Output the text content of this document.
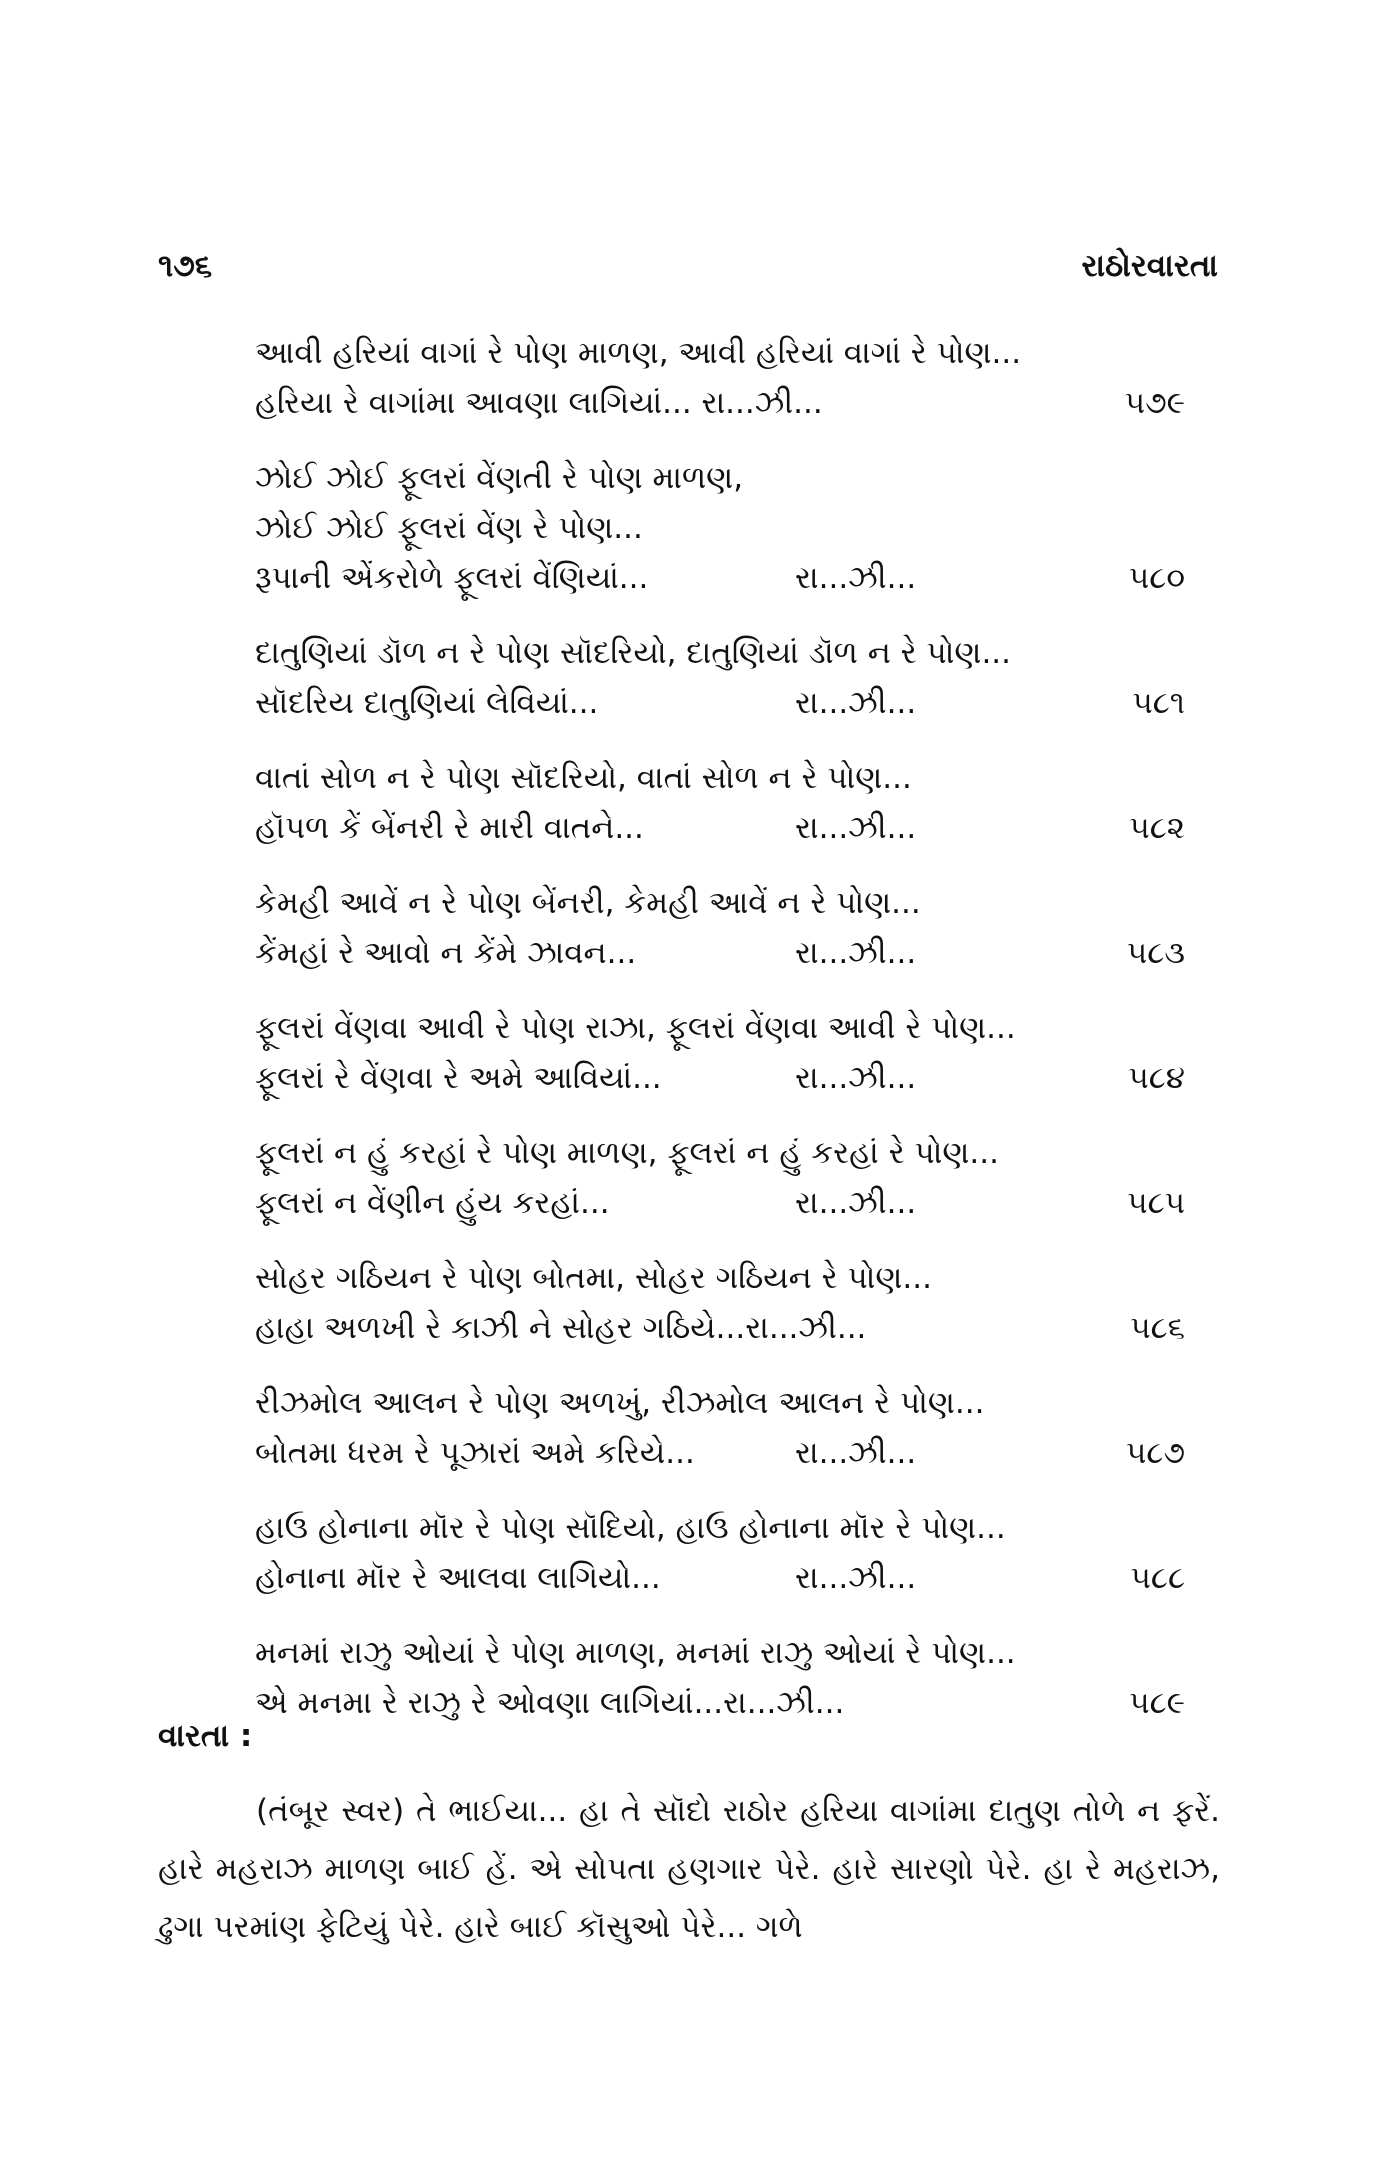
૧૭૬	રાઠોરવારતા
આવી હરિયાં વાગાં રે પોણ માળણ, આવી હરિયાં વાગાં રે પોણ...
હરિયા રે વાગાંમા આવણા લાગિયાં... રા...ઝી...	૫૭૯
ઝોઈ ઝોઈ ફૂલરાં વેંણતી રે પોણ માળણ,
ઝોઈ ઝોઈ ફૂલરાં વેંણ રે પોણ...
રૂપાની એંકરોળે ફૂલરાં વેંણિયાં...	રા...ઝી...	૫૮૦
દાતુણિયાં ડૉળ ન રે પોણ સૉદરિયો, દાતુણિયાં ડૉળ ન રે પોણ...
સૉદરિય દાતુણિયાં લેવિયાં...	રા...ઝી...	૫૮૧
વાતાં સોળ ન રે પોણ સૉદરિયો, વાતાં સોળ ન રે પોણ...
હૉપળ કેં બેંનરી રે મારી વાતને...	રા...ઝી...	૫૮૨
કેમહી આવેં ન રે પોણ બેંનરી, કેમહી આવેં ન રે પોણ...
કેંમહાં રે આવો ન કેંમે ઝાવન...	રા...ઝી...	૫૮૩
ફૂલરાં વેંણવા આવી રે પોણ રાઝા, ફૂલરાં વેંણવા આવી રે પોણ...
ફૂલરાં રે વેંણવા રે અમે આવિયાં...	રા...ઝી...	૫૮૪
ફૂલરાં ન હું કરહાં રે પોણ માળણ, ફૂલરાં ન હું કરહાં રે પોણ...
ફૂલરાં ન વેંણીન હુંય કરહાં...	રા...ઝી...	૫૮૫
સોહર ગઠિયન રે પોણ બોતમા, સોહર ગઠિયન રે પોણ...
હાહા અળખી રે કાઝી ને સોહર ગઠિયે...રા...ઝી...	૫૮૬
રીઝમોલ આલન રે પોણ અળખું, રીઝમોલ આલન રે પોણ...
બોતમા ધરમ રે પૂઝારાં અમે કરિયે...	રા...ઝી...	૫૮૭
હાઉ હોનાના મૉર રે પોણ સૉદિયો, હાઉ હોનાના મૉર રે પોણ...
હોનાના મૉર રે આલવા લાગિયો...	રા...ઝી...	૫૮૮
મનમાં રાઝુ ઓયાં રે પોણ માળણ, મનમાં રાઝુ ઓયાં રે પોણ...
એ મનમા રે રાઝુ રે ઓવણા લાગિયાં...રા...ઝી...	૫૮૯
વારતા :

(તંબૂર સ્વર) તે ભાઈયા... હા તે સૉદો રાઠોર હરિયા વાગાંમા દાતુણ તોળે ન ફરેં. હારે મહરાઝ માળણ બાઈ હેં. એ સોપતા હણગાર પેરે. હારે સારણો પેરે. હા રે મહરાઝ, ઢુગા પરમાંણ ફેટિયું પેરે. હારે બાઈ કૉસુઓ પેરે... ગળે
